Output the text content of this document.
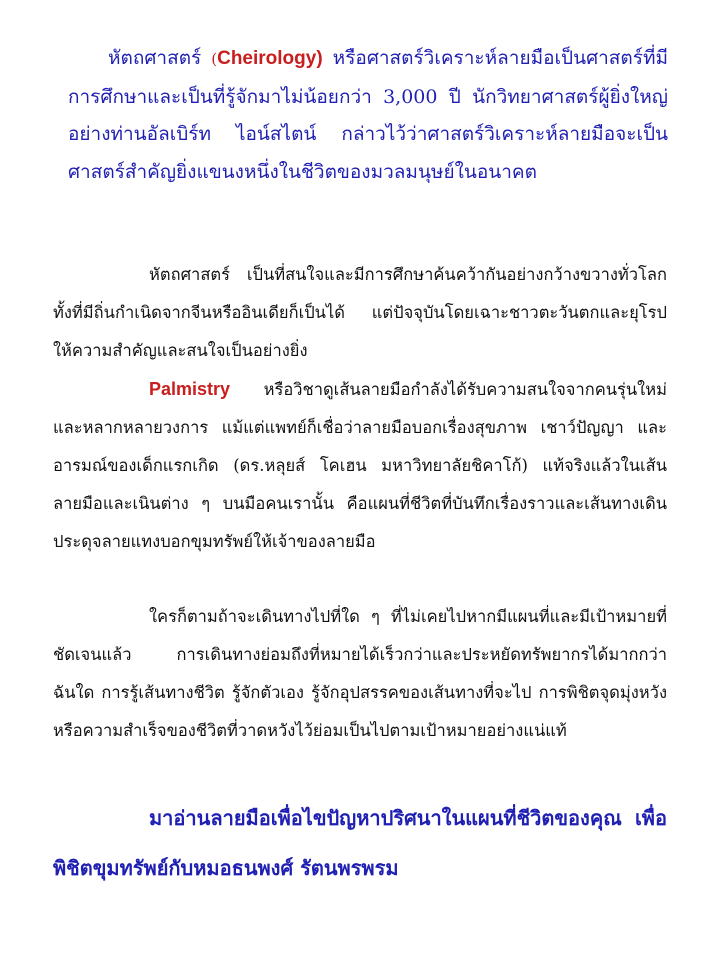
หัตถศาสตร์ (Cheirology) หรือศาสตร์วิเคราะห์ลายมือเป็นศาสตร์ที่มีการศึกษาและเป็นที่รู้จักมาไม่น้อยกว่า 3,000 ปี นักวิทยาศาสตร์ผู้ยิ่งใหญ่อย่างท่านอัลเบิร์ท ไอน์สไตน์ กล่าวไว้ว่าศาสตร์วิเคราะห์ลายมือจะเป็นศาสตร์สำคัญยิ่งแขนงหนึ่งในชีวิตของมวลมนุษย์ในอนาคต

หัตถศาสตร์ เป็นที่สนใจและมีการศึกษาค้นคว้ากันอย่างกว้างขวางทั่วโลก ทั้งที่มีถิ่นกำเนิดจากจีนหรืออินเดียก็เป็นได้ แต่ปัจจุบันโดยเฉาะชาวตะวันตกและยุโรป ให้ความสำคัญและสนใจเป็นอย่างยิ่ง

Palmistry หรือวิชาดูเส้นลายมือกำลังได้รับความสนใจจากคนรุ่นใหม่ และหลากหลายวงการ แม้แต่แพทย์ก็เชื่อว่าลายมือบอกเรื่องสุขภาพ เชาว์ปัญญา และอารมณ์ของเด็กแรกเกิด (ดร.หลุยส์ โคเฮน มหาวิทยาลัยชิคาโก้) แท้จริงแล้วในเส้นลายมือและเนินต่าง ๆ บนมือคนเรานั้น คือแผนที่ชีวิตที่บันทึกเรื่องราวและเส้นทางเดิน ประดุจลายแทงบอกขุมทรัพย์ให้เจ้าของลายมือ

ใครก็ตามถ้าจะเดินทางไปที่ใด ๆ ที่ไม่เคยไปหากมีแผนที่และมีเป้าหมายที่ชัดเจนแล้ว การเดินทางย่อมถึงที่หมายได้เร็วกว่าและประหยัดทรัพยากรได้มากกว่าฉันใด การรู้เส้นทางชีวิต รู้จักตัวเอง รู้จักอุปสรรคของเส้นทางที่จะไป การพิชิตจุดมุ่งหวังหรือความสำเร็จของชีวิตที่วาดหวังไว้ย่อมเป็นไปตามเป้าหมายอย่างแน่แท้

มาอ่านลายมือเพื่อไขปัญหาปริศนาในแผนที่ชีวิตของคุณ เพื่อพิชิตขุมทรัพย์กับหมอธนพงศ์ รัตนพรพรม
